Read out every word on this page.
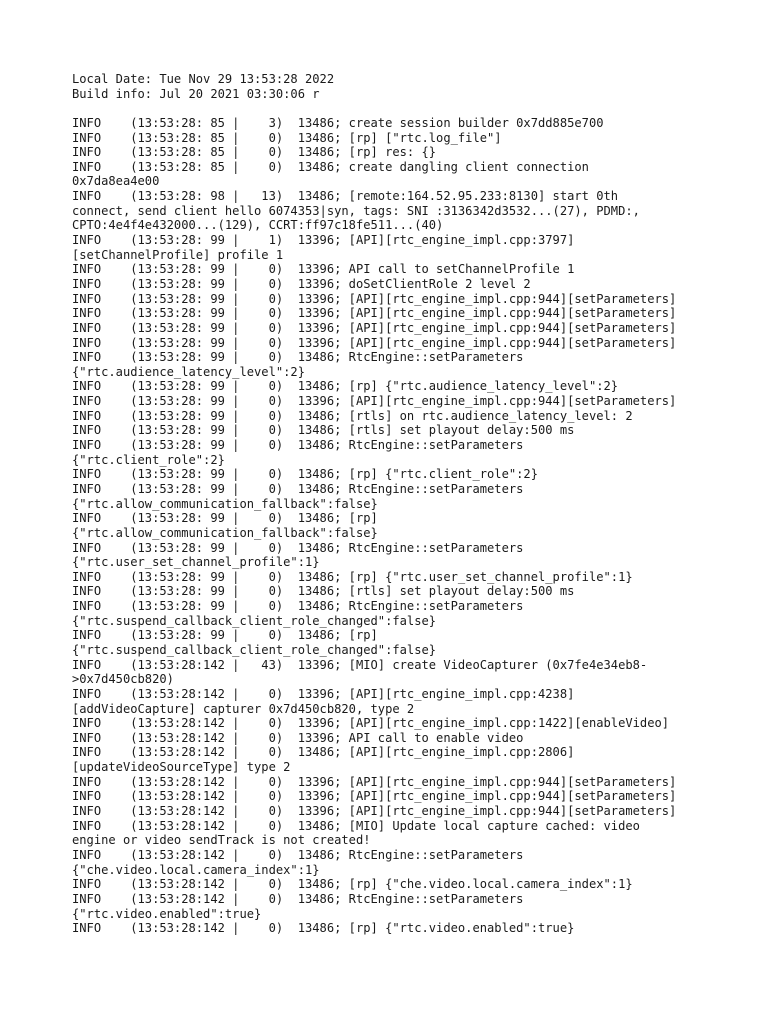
Local Date: Tue Nov 29 13:53:28 2022
Build info: Jul 20 2021 03:30:06 r
INFO    (13:53:28: 85 |    3)  13486; create session builder 0x7dd885e700
INFO    (13:53:28: 85 |    0)  13486; [rp] ["rtc.log_file"]
INFO    (13:53:28: 85 |    0)  13486; [rp] res: {}
INFO    (13:53:28: 85 |    0)  13486; create dangling client connection
0x7da8ea4e00
INFO    (13:53:28: 98 |   13)  13486; [remote:164.52.95.233:8130] start 0th
connect, send client hello 6074353|syn, tags: SNI :3136342d3532...(27), PDMD:,
CPTO:4e4f4e432000...(129), CCRT:ff97c18fe511...(40)
INFO    (13:53:28: 99 |    1)  13396; [API][rtc_engine_impl.cpp:3797]
[setChannelProfile] profile 1
INFO    (13:53:28: 99 |    0)  13396; API call to setChannelProfile 1
INFO    (13:53:28: 99 |    0)  13396; doSetClientRole 2 level 2
INFO    (13:53:28: 99 |    0)  13396; [API][rtc_engine_impl.cpp:944][setParameters]
INFO    (13:53:28: 99 |    0)  13396; [API][rtc_engine_impl.cpp:944][setParameters]
INFO    (13:53:28: 99 |    0)  13396; [API][rtc_engine_impl.cpp:944][setParameters]
INFO    (13:53:28: 99 |    0)  13396; [API][rtc_engine_impl.cpp:944][setParameters]
INFO    (13:53:28: 99 |    0)  13486; RtcEngine::setParameters
{"rtc.audience_latency_level":2}
INFO    (13:53:28: 99 |    0)  13486; [rp] {"rtc.audience_latency_level":2}
INFO    (13:53:28: 99 |    0)  13396; [API][rtc_engine_impl.cpp:944][setParameters]
INFO    (13:53:28: 99 |    0)  13486; [rtls] on rtc.audience_latency_level: 2
INFO    (13:53:28: 99 |    0)  13486; [rtls] set playout delay:500 ms
INFO    (13:53:28: 99 |    0)  13486; RtcEngine::setParameters
{"rtc.client_role":2}
INFO    (13:53:28: 99 |    0)  13486; [rp] {"rtc.client_role":2}
INFO    (13:53:28: 99 |    0)  13486; RtcEngine::setParameters
{"rtc.allow_communication_fallback":false}
INFO    (13:53:28: 99 |    0)  13486; [rp]
{"rtc.allow_communication_fallback":false}
INFO    (13:53:28: 99 |    0)  13486; RtcEngine::setParameters
{"rtc.user_set_channel_profile":1}
INFO    (13:53:28: 99 |    0)  13486; [rp] {"rtc.user_set_channel_profile":1}
INFO    (13:53:28: 99 |    0)  13486; [rtls] set playout delay:500 ms
INFO    (13:53:28: 99 |    0)  13486; RtcEngine::setParameters
{"rtc.suspend_callback_client_role_changed":false}
INFO    (13:53:28: 99 |    0)  13486; [rp]
{"rtc.suspend_callback_client_role_changed":false}
INFO    (13:53:28:142 |   43)  13396; [MIO] create VideoCapturer (0x7fe4e34eb8-
>0x7d450cb820)
INFO    (13:53:28:142 |    0)  13396; [API][rtc_engine_impl.cpp:4238]
[addVideoCapture] capturer 0x7d450cb820, type 2
INFO    (13:53:28:142 |    0)  13396; [API][rtc_engine_impl.cpp:1422][enableVideo]
INFO    (13:53:28:142 |    0)  13396; API call to enable video
INFO    (13:53:28:142 |    0)  13486; [API][rtc_engine_impl.cpp:2806]
[updateVideoSourceType] type 2
INFO    (13:53:28:142 |    0)  13396; [API][rtc_engine_impl.cpp:944][setParameters]
INFO    (13:53:28:142 |    0)  13396; [API][rtc_engine_impl.cpp:944][setParameters]
INFO    (13:53:28:142 |    0)  13396; [API][rtc_engine_impl.cpp:944][setParameters]
INFO    (13:53:28:142 |    0)  13486; [MIO] Update local capture cached: video
engine or video sendTrack is not created!
INFO    (13:53:28:142 |    0)  13486; RtcEngine::setParameters
{"che.video.local.camera_index":1}
INFO    (13:53:28:142 |    0)  13486; [rp] {"che.video.local.camera_index":1}
INFO    (13:53:28:142 |    0)  13486; RtcEngine::setParameters
{"rtc.video.enabled":true}
INFO    (13:53:28:142 |    0)  13486; [rp] {"rtc.video.enabled":true}
